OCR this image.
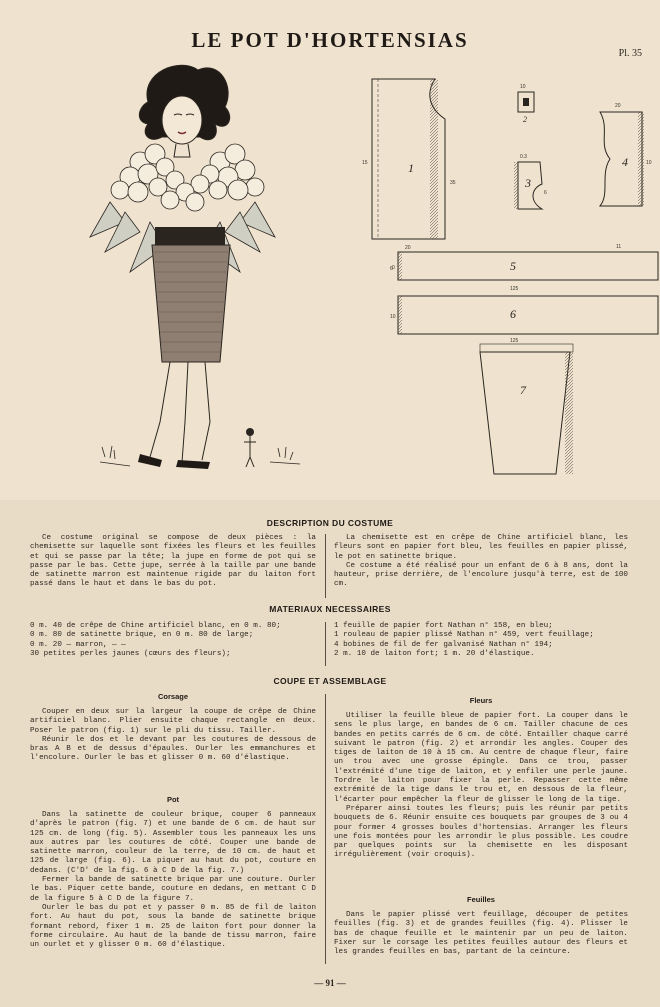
LE POT D'HORTENSIAS
Pl. 35
1
2
3
4
5
6
7
15
10
20
35
0.3
6
20
10
0
11
125
10
6
125
DESCRIPTION DU COSTUME

Ce costume original se compose de deux pièces : la chemisette sur laquelle sont fixées les fleurs et les feuilles et qui se passe par la tête; la jupe en forme de pot qui se passe par le bas. Cette jupe, serrée à la taille par une bande de satinette marron est maintenue rigide par du laiton fort passé dans le haut et dans le bas du pot.

La chemisette est en crêpe de Chine artificiel blanc, les fleurs sont en papier fort bleu, les feuilles en papier plissé, le pot en satinette brique.

Ce costume a été réalisé pour un enfant de 6 à 8 ans, dont la hauteur, prise derrière, de l'encolure jusqu'à terre, est de 100 cm.

MATERIAUX NECESSAIRES

0 m. 40 de crêpe de Chine artificiel blanc, en 0 m. 80;

0 m. 80 de satinette brique, en 0 m. 80 de large;

0 m. 20 — marron, — —

30 petites perles jaunes (cœurs des fleurs);

1 feuille de papier fort Nathan n° 158, en bleu;

1 rouleau de papier plissé Nathan n° 459, vert feuillage;

4 bobines de fil de fer galvanisé Nathan n° 194;

2 m. 10 de laiton fort; 1 m. 20 d'élastique.

COUPE ET ASSEMBLAGE
Corsage

Couper en deux sur la largeur la coupe de crêpe de Chine artificiel blanc. Plier ensuite chaque rectangle en deux. Poser le patron (fig. 1) sur le pli du tissu. Tailler.

Réunir le dos et le devant par les coutures de dessous de bras A B et de dessus d'épaules. Ourler les emmanchures et l'encolure. Ourler le bas et glisser 0 m. 60 d'élastique.

Pot

Dans la satinette de couleur brique, couper 6 panneaux d'après le patron (fig. 7) et une bande de 6 cm. de haut sur 125 cm. de long (fig. 5). Assembler tous les panneaux les uns aux autres par les coutures de côté. Couper une bande de satinette marron, couleur de la terre, de 10 cm. de haut et 125 de large (fig. 6). La piquer au haut du pot, couture en dedans. (C'D' de la fig. 6 à C D de la fig. 7.)

Fermer la bande de satinette brique par une couture. Ourler le bas. Piquer cette bande, couture en dedans, en mettant C D de la figure 5 à C D de la figure 7.

Ourler le bas du pot et y passer 0 m. 85 de fil de laiton fort. Au haut du pot, sous la bande de satinette brique formant rebord, fixer 1 m. 25 de laiton fort pour donner la forme circulaire. Au haut de la bande de tissu marron, faire un ourlet et y glisser 0 m. 60 d'élastique.

Fleurs

Utiliser la feuille bleue de papier fort. La couper dans le sens le plus large, en bandes de 6 cm. Tailler chacune de ces bandes en petits carrés de 6 cm. de côté. Entailler chaque carré suivant le patron (fig. 2) et arrondir les angles. Couper des tiges de laiton de 10 à 15 cm. Au centre de chaque fleur, faire un trou avec une grosse épingle. Dans ce trou, passer l'extrémité d'une tige de laiton, et y enfiler une perle jaune. Tordre le laiton pour fixer la perle. Repasser cette même extrémité de la tige dans le trou et, en dessous de la fleur, l'écarter pour empêcher la fleur de glisser le long de la tige.

Préparer ainsi toutes les fleurs; puis les réunir par petits bouquets de 6. Réunir ensuite ces bouquets par groupes de 3 ou 4 pour former 4 grosses boules d'hortensias. Arranger les fleurs une fois montées pour les arrondir le plus possible. Les coudre par quelques points sur la chemisette en les disposant irrégulièrement (voir croquis).

Feuilles

Dans le papier plissé vert feuillage, découper de petites feuilles (fig. 3) et de grandes feuilles (fig. 4). Plisser le bas de chaque feuille et le maintenir par un peu de laiton. Fixer sur le corsage les petites feuilles autour des fleurs et les grandes feuilles en bas, partant de la ceinture.

— 91 —
